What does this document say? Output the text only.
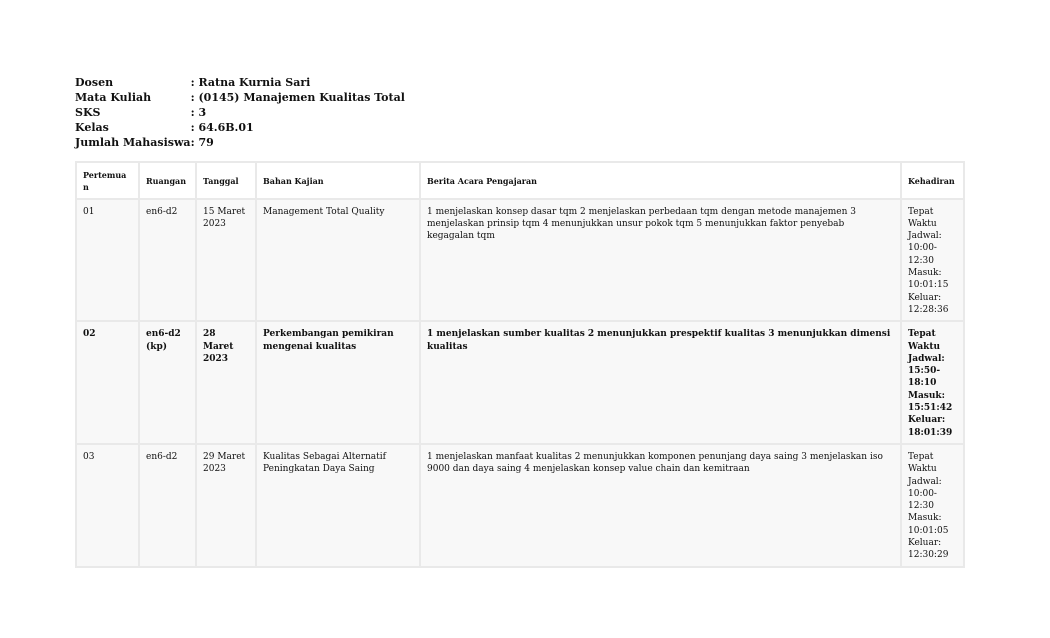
Dosen	: Ratna Kurnia Sari
Mata Kuliah	: (0145) Manajemen Kualitas Total
SKS	: 3
Kelas	: 64.6B.01
Jumlah Mahasiswa	: 79
Pertemuan	Ruangan	Tanggal	Bahan Kajian	Berita Acara Pengajaran	Kehadiran
01	en6-d2	15 Maret 2023	Management Total Quality	1 menjelaskan konsep dasar tqm 2 menjelaskan perbedaan tqm dengan metode manajemen 3 menjelaskan prinsip tqm 4 menunjukkan unsur pokok tqm 5 menunjukkan faktor penyebab kegagalan tqm	Tepat Waktu
Jadwal: 10:00-12:30
Masuk: 10:01:15
Keluar: 12:28:36

02	en6-d2 (kp)	28 Maret 2023	Perkembangan pemikiran mengenai kualitas	1 menjelaskan sumber kualitas 2 menunjukkan prespektif kualitas 3 menunjukkan dimensi kualitas	Tepat Waktu
Jadwal: 15:50-18:10
Masuk: 15:51:42
Keluar: 18:01:39

03	en6-d2	29 Maret 2023	Kualitas Sebagai Alternatif Peningkatan Daya Saing	1 menjelaskan manfaat kualitas 2 menunjukkan komponen penunjang daya saing 3 menjelaskan iso 9000 dan daya saing 4 menjelaskan konsep value chain dan kemitraan	Tepat Waktu
Jadwal: 10:00-12:30
Masuk: 10:01:05
Keluar: 12:30:29
